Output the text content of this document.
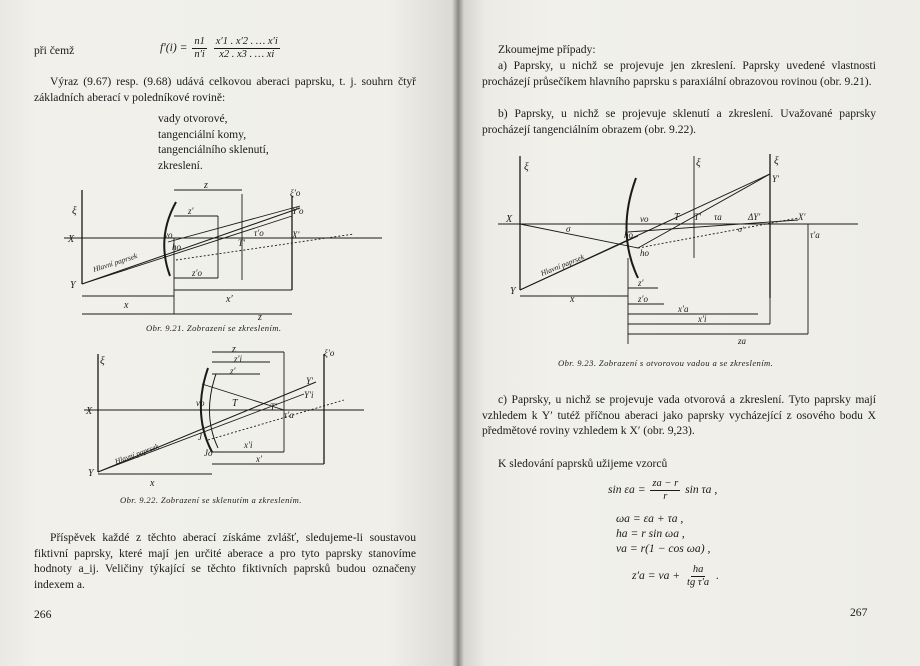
při čemž	$f'(i) = \frac{n1}{n'i}$
$\frac{x'1 . x'2 . \dots x'i}{x2 . x3 . \dots xi}$
Výraz (9.67) resp. (9.68) udává celkovou aberaci paprsku, t. j. souhrn čtyř základních aberací v poledníkové rovině:
vady otvorové,
tangenciální komy,
tangenciálního sklenutí,
zkreslení.
ξ
X
Y
Hlavní paprsek
z
z′
z′o
vo
ho	T′
τ′o
ξ′o
Y′o
X′
x
x′
z
Obr. 9.21. Zobrazení se zkreslením.
ξ
X
Y
Hlavní paprsek
z
z′i
z′
vo	T	T′
τ′a
J
Jo
ξ′o
Y′
Y′i
x′i
x′
x
Obr. 9.22. Zobrazení se sklenutím a zkreslením.
Příspěvek každé z těchto aberací získáme zvlášť, sledujeme-li soustavou fiktivní paprsky, které mají jen určité aberace a pro tyto paprsky stanovíme hodnoty a_ij. Veličiny týkající se těchto fiktivních paprsků budou označeny indexem a.
266
Zkoumejme případy:
a) Paprsky, u nichž se projevuje jen zkreslení. Paprsky uvedené vlastnosti procházejí průsečíkem hlavního paprsku s paraxiální obrazovou rovinou (obr. 9.21).
b) Paprsky, u nichž se projevuje sklenutí a zkreslení. Uvažované paprsky procházejí tangenciálním obrazem (obr. 9.22).
ξ
X
Y
Hlavní paprsek
σ
ξ	ξ
Y′
vo
ho
ho
T T′ τa
σ′
ΔY′	X′
τ′a
x
z′
z′o
x′a
x′i
za
Obr. 9.23. Zobrazení s otvorovou vadou a se zkreslením.
c) Paprsky, u nichž se projevuje vada otvorová a zkreslení. Tyto paprsky mají vzhledem k Y′ tutéž příčnou aberaci jako paprsky vycházející z osového bodu X předmětové roviny vzhledem k X′ (obr. 9,23).
K sledování paprsků užijeme vzorců
$\sin \varepsilon a = \frac{za - r}{r}$ sin τa ,
ωa = εa + τa ,
ha = r sin ωa ,
va = r(1 − cos ωa) ,
z′a = va + $\frac{ha}{\text{tg τ′a}}$ .
267
